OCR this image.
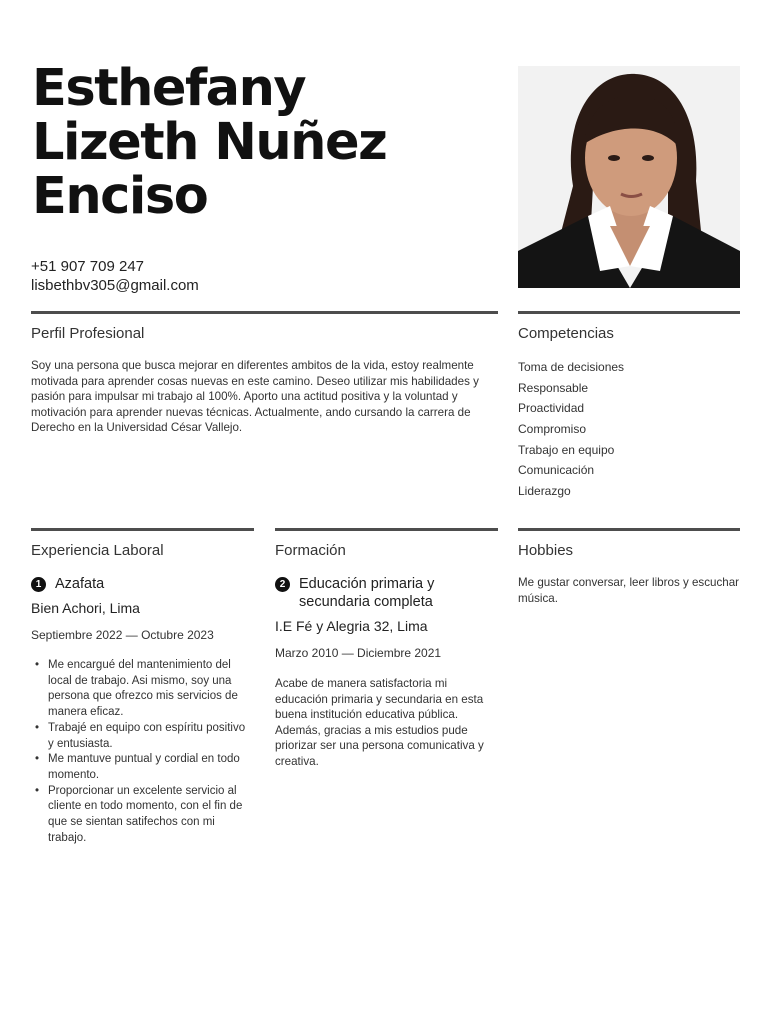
Esthefany
Lizeth Nuñez
Enciso
+51 907 709 247
lisbethbv305@gmail.com
Perfil Profesional
Soy una persona que busca mejorar en diferentes ambitos de la vida, estoy realmente motivada para aprender cosas nuevas en este camino. Deseo utilizar mis habilidades y pasión para impulsar mi trabajo al 100%. Aporto una actitud positiva y la voluntad y motivación para aprender nuevas técnicas. Actualmente, ando cursando la carrera de Derecho en la Universidad César Vallejo.
Competencias
Toma de decisiones
Responsable
Proactividad
Compromiso
Trabajo en equipo
Comunicación
Liderazgo
Experiencia Laboral
1 Azafata
Bien Achori, Lima
Septiembre 2022 — Octubre 2023
• Me encargué del mantenimiento del local de trabajo. Asi mismo, soy una persona que ofrezco mis servicios de manera eficaz.
• Trabajé en equipo con espíritu positivo y entusiasta.
• Me mantuve puntual y cordial en todo momento.
• Proporcionar un excelente servicio al cliente en todo momento, con el fin de que se sientan satifechos con mi trabajo.
Formación
2 Educación primaria y secundaria completa
I.E Fé y Alegria 32, Lima
Marzo 2010 — Diciembre 2021
Acabe de manera satisfactoria mi educación primaria y secundaria en esta buena institución educativa pública. Además, gracias a mis estudios pude priorizar ser una persona comunicativa y creativa.
Hobbies
Me gustar conversar, leer libros y escuchar música.
